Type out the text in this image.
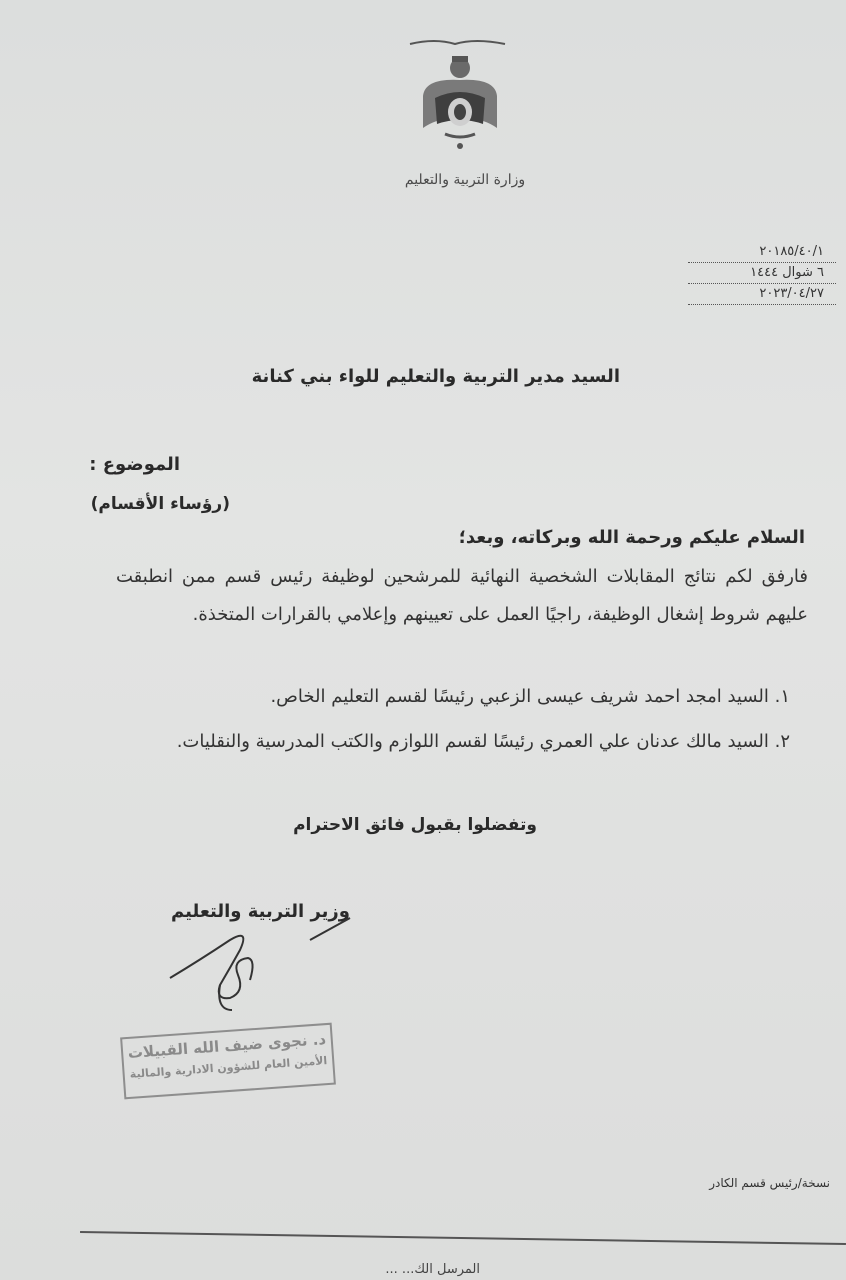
وزارة التربية والتعليم
٢٠١٨٥/٤٠/١
٦ شوال ١٤٤٤
٢٠٢٣/٠٤/٢٧
السيد مدير التربية والتعليم للواء بني كنانة
الموضوع :
(رؤساء الأقسام)
السلام عليكم ورحمة الله وبركاته، وبعد؛
فارفق لكم نتائج المقابلات الشخصية النهائية للمرشحين لوظيفة رئيس قسم ممن انطبقت عليهم شروط إشغال الوظيفة، راجيًا العمل على تعيينهم وإعلامي بالقرارات المتخذة.
١. السيد امجد احمد شريف عيسى الزعبي رئيسًا لقسم التعليم الخاص.
٢. السيد مالك عدنان علي العمري رئيسًا لقسم اللوازم والكتب المدرسية والنقليات.
وتفضلوا بقبول فائق الاحترام
وزير التربية والتعليم
د. نجوى ضيف الله القبيلات
الأمين العام للشؤون الادارية والمالية
نسخة/رئيس قسم الكادر
المرسل الك... ...
